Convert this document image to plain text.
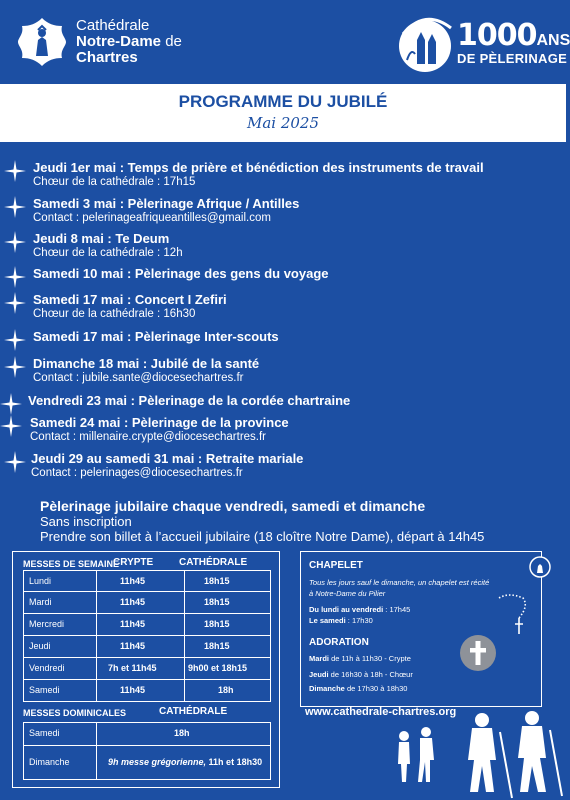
Cathédrale
Notre-Dame de
Chartres
1000ANS
DE PÈLERINAGE
PROGRAMME DU JUBILÉ
Mai 2025
Jeudi 1er mai : Temps de prière et bénédiction des instruments de travail
Chœur de la cathédrale : 17h15
Samedi 3 mai : Pèlerinage Afrique / Antilles
Contact : pelerinageafriqueantilles@gmail.com
Jeudi 8 mai : Te Deum
Chœur de la cathédrale : 12h
Samedi 10 mai : Pèlerinage des gens du voyage
Samedi 17 mai : Concert I Zefiri
Chœur de la cathédrale : 16h30
Samedi 17 mai : Pèlerinage Inter-scouts
Dimanche 18 mai : Jubilé de la santé
Contact : jubile.sante@diocesechartres.fr
Vendredi 23 mai : Pèlerinage de la cordée chartraine
Samedi 24 mai : Pèlerinage de la province
Contact : millenaire.crypte@diocesechartres.fr
Jeudi 29 au samedi 31 mai : Retraite mariale
Contact : pelerinages@diocesechartres.fr
Pèlerinage jubilaire chaque vendredi, samedi et dimanche
Sans inscription
Prendre son billet à l’accueil jubilaire (18 cloître Notre Dame), départ à 14h45
MESSES DE SEMAINE
CRYPTE	CATHÉDRALE
Lundi	11h45	18h15
Mardi	11h45	18h15
Mercredi	11h45	18h15
Jeudi	11h45	18h15
Vendredi	7h et 11h45	9h00 et 18h15
Samedi	11h45	18h
MESSES DOMINICALES	CATHÉDRALE
Samedi	18h
Dimanche	9h messe grégorienne, 11h et 18h30
CHAPELET
Tous les jours sauf le dimanche, un chapelet est récité
à Notre-Dame du Pilier
Du lundi au vendredi : 17h45
Le samedi : 17h30
ADORATION
Mardi de 11h à 11h30 - Crypte
Jeudi de 16h30 à 18h - Chœur
Dimanche de 17h30 à 18h30
www.cathedrale-chartres.org
